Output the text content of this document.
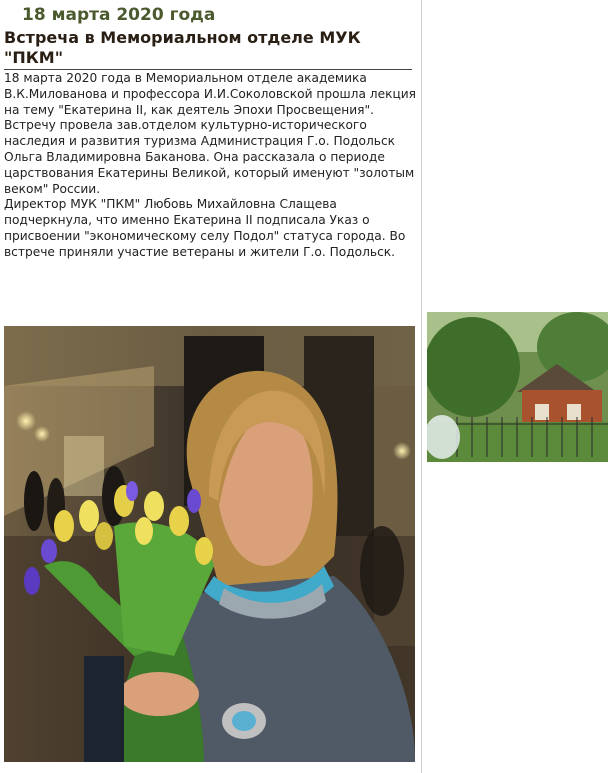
18 марта 2020 года
Встреча в Мемориальном отделе МУК "ПКМ"

18 марта 2020 года в Мемориальном отделе академика В.К.Милованова и профессора И.И.Соколовской прошла лекция на тему "Екатерина II, как деятель Эпохи Просвещения". Встречу провела зав.отделом культурно-исторического наследия и развития туризма Администрация Г.о. Подольск Ольга Владимировна Баканова. Она рассказала о периоде царствования Екатерины Великой, который именуют "золотым веком" России.

Директор МУК "ПКМ" Любовь Михайловна Слащева подчеркнула, что именно Екатерина II подписала Указ о присвоении "экономическому селу Подол" статуса города. Во встрече приняли участие ветераны и жители Г.о. Подольск.
